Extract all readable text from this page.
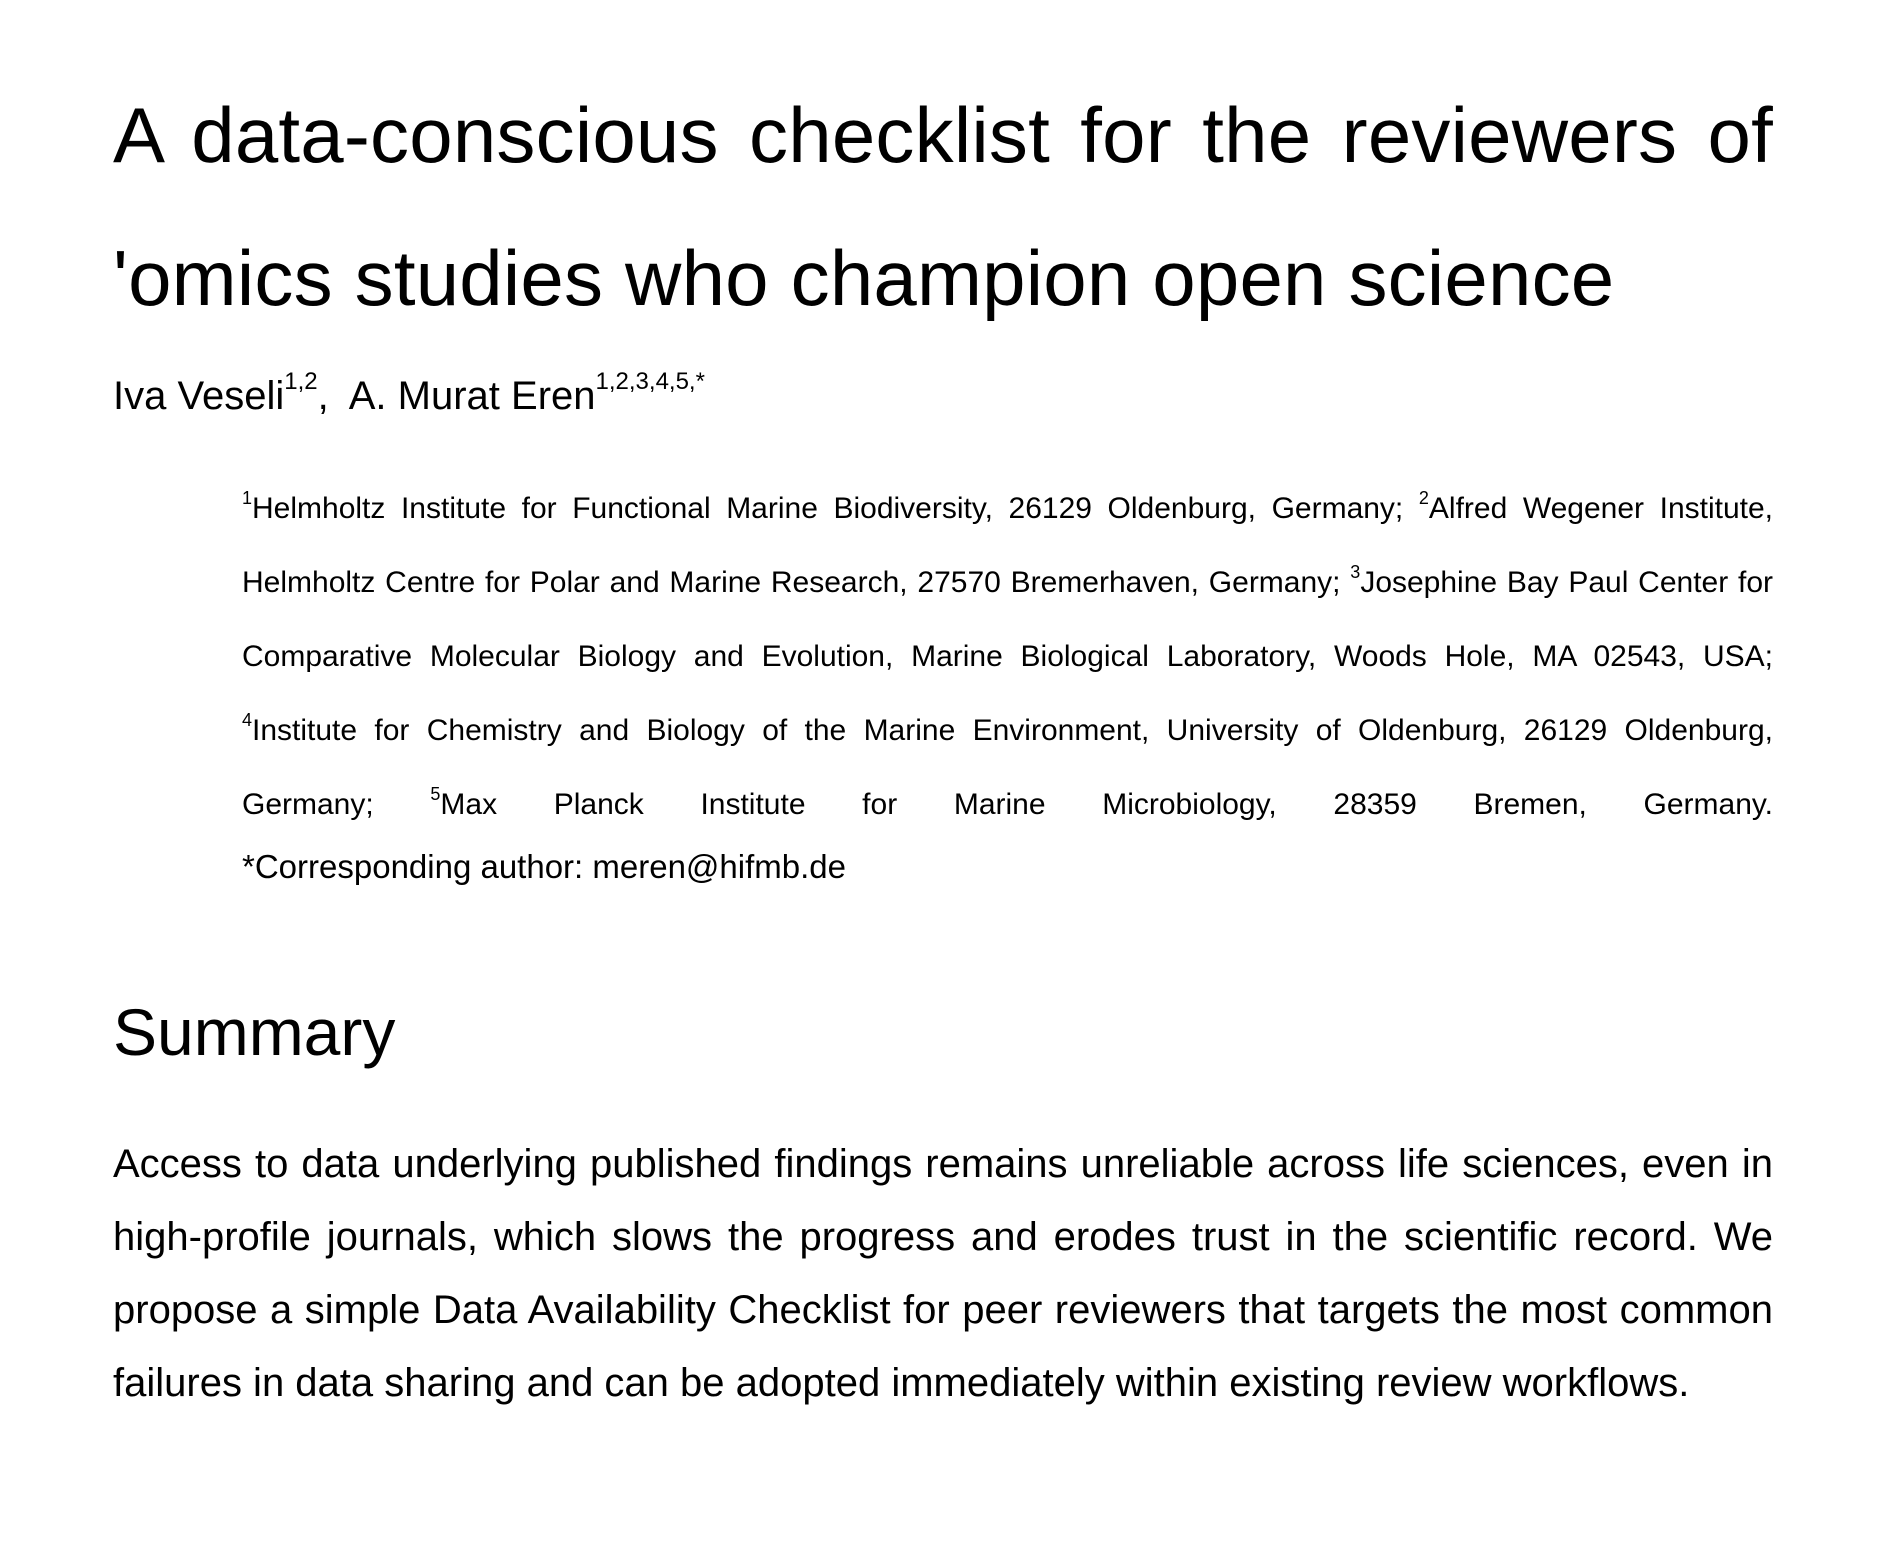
A data-conscious checklist for the reviewers of 'omics studies who champion open science
Iva Veseli$^{1,2}$, A. Murat Eren$^{1,2,3,4,5,*}$
$^1$Helmholtz Institute for Functional Marine Biodiversity, 26129 Oldenburg, Germany; $^2$Alfred Wegener Institute, Helmholtz Centre for Polar and Marine Research, 27570 Bremerhaven, Germany; $^3$Josephine Bay Paul Center for Comparative Molecular Biology and Evolution, Marine Biological Laboratory, Woods Hole, MA 02543, USA; $^4$Institute for Chemistry and Biology of the Marine Environment, University of Oldenburg, 26129 Oldenburg, Germany;	$^5$Max Planck Institute for Marine Microbiology, 28359 Bremen, Germany.
*Corresponding author: meren@hifmb.de
Summary

Access to data underlying published findings remains unreliable across life sciences, even in high-profile journals, which slows the progress and erodes trust in the scientific record. We propose a simple Data Availability Checklist for peer reviewers that targets the most common failures in data sharing and can be adopted immediately within existing review workflows.
